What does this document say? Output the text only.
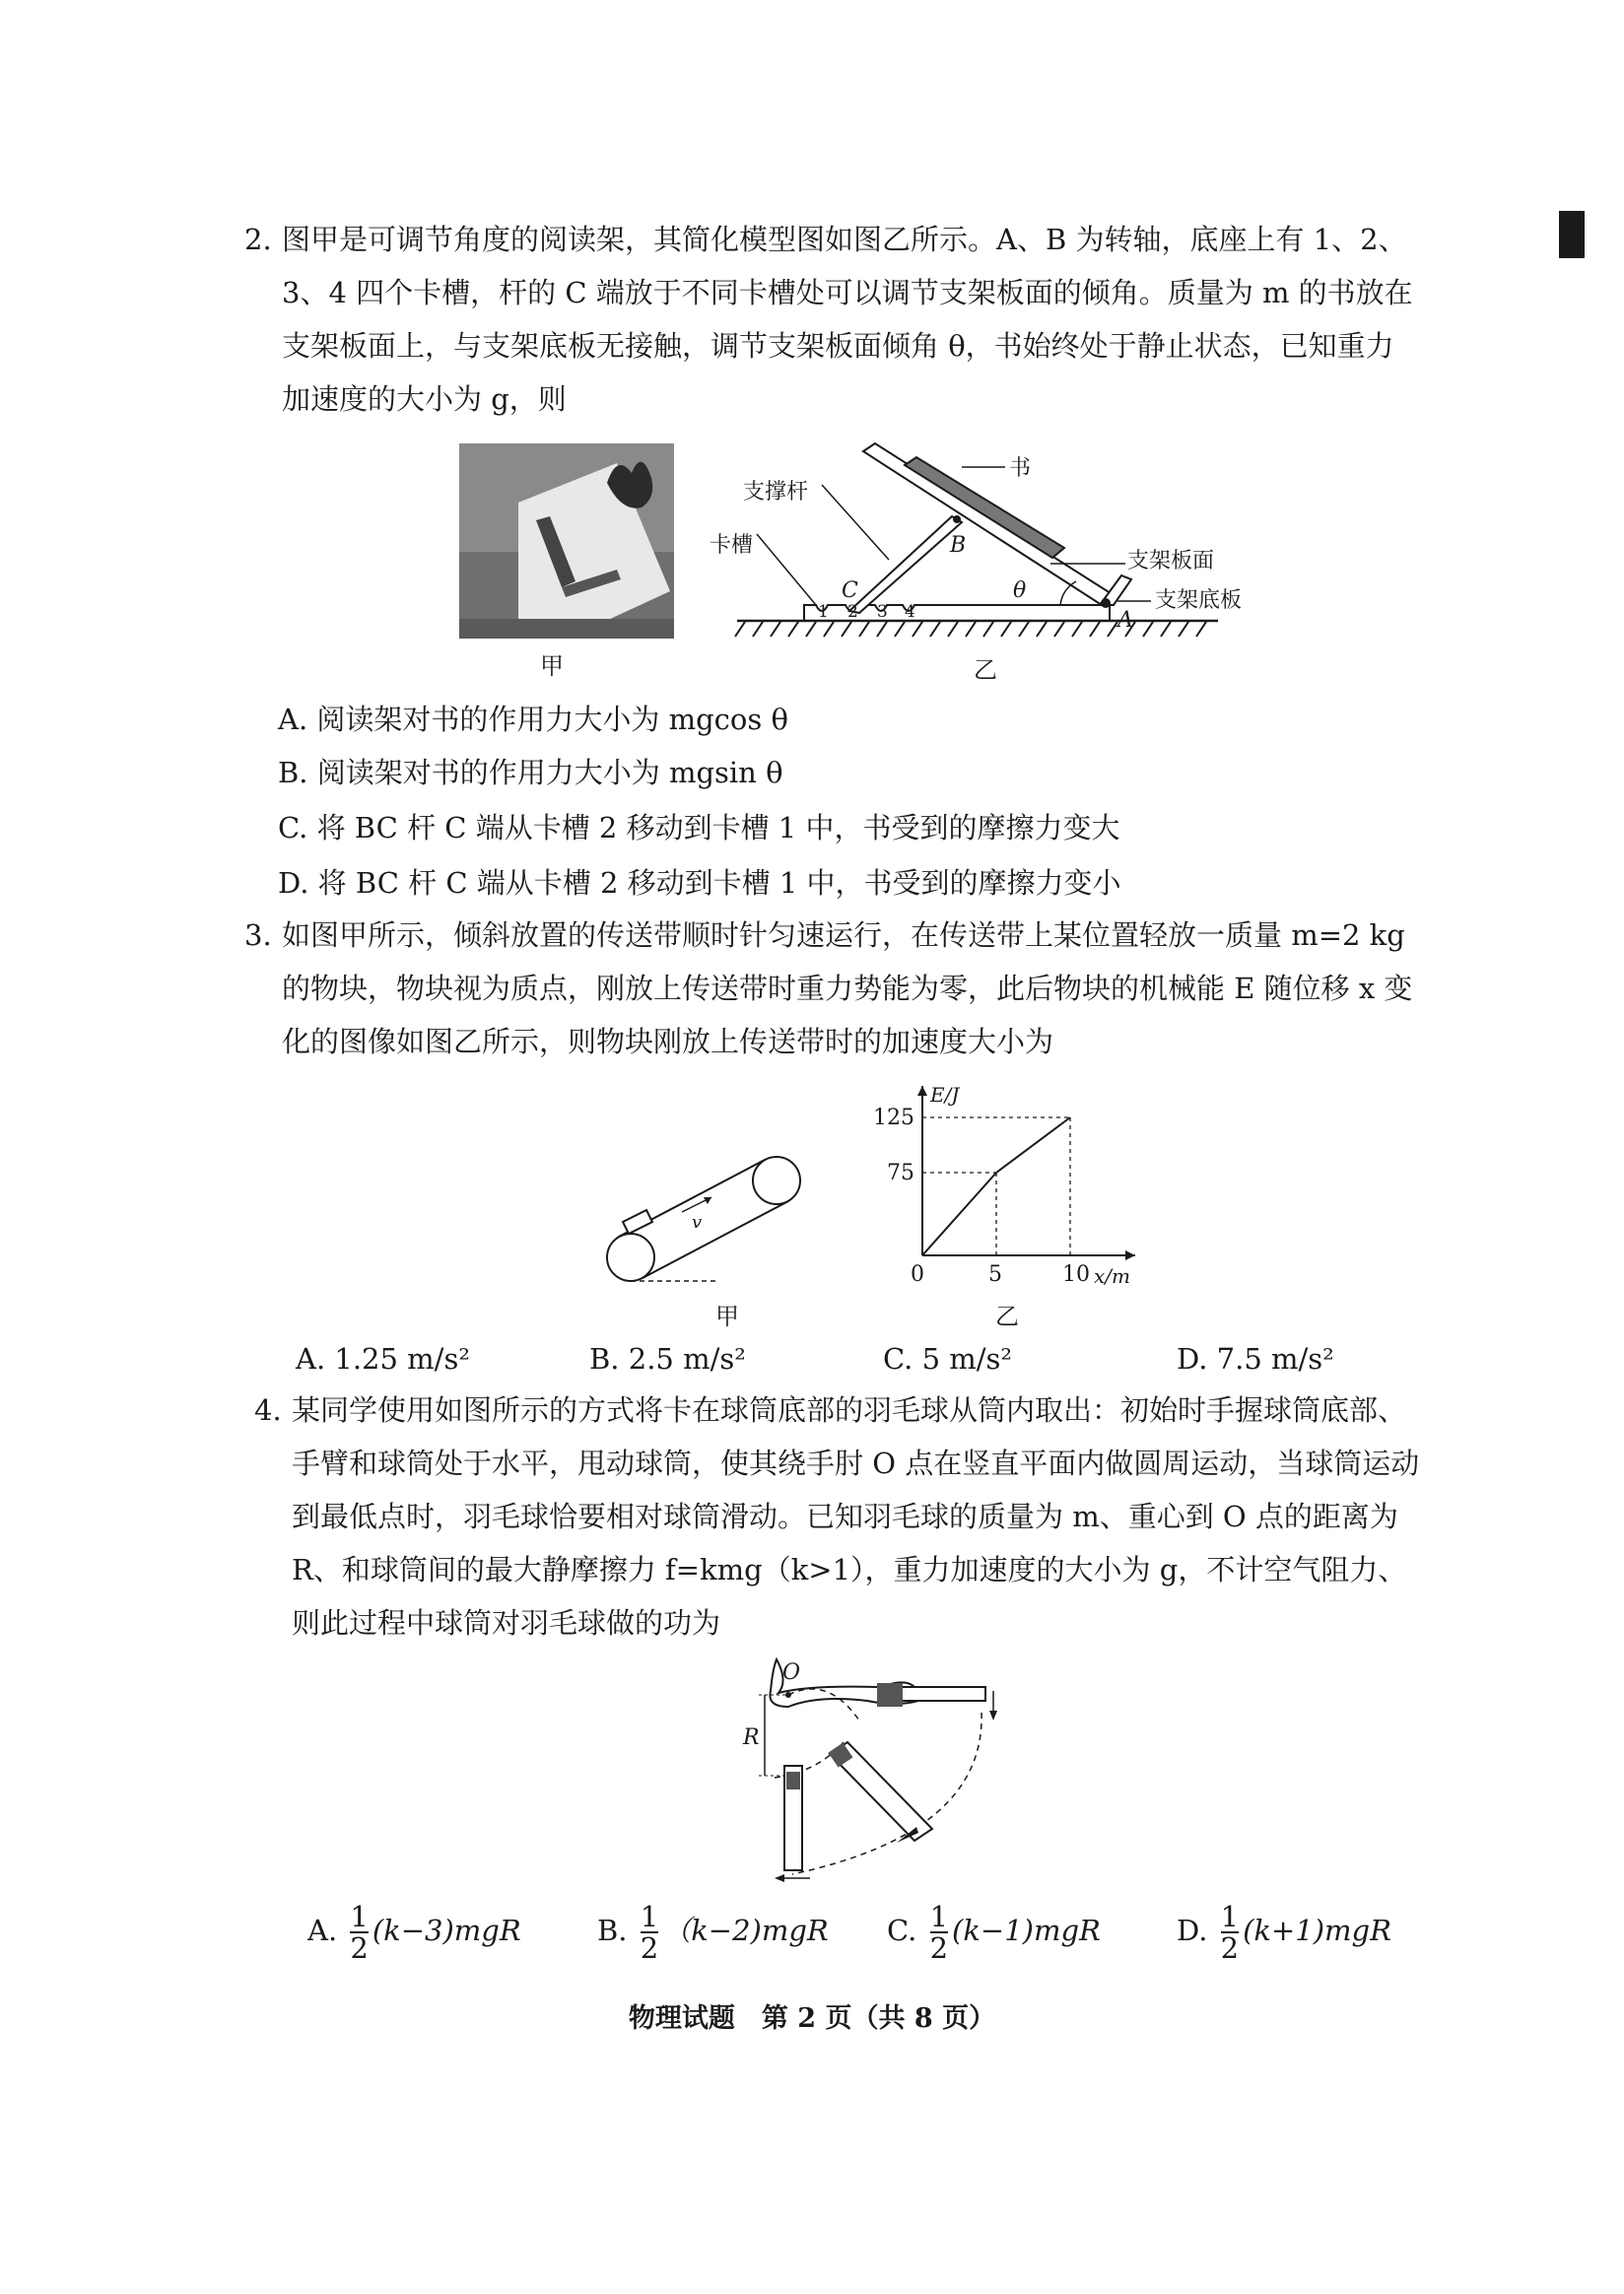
2. 图甲是可调节角度的阅读架，其简化模型图如图乙所示。A、B 为转轴，底座上有 1、2、
3、4 四个卡槽，杆的 C 端放于不同卡槽处可以调节支架板面的倾角。质量为 m 的书放在
支架板面上，与支架底板无接触，调节支架板面倾角 θ，书始终处于静止状态，已知重力
加速度的大小为 g，则
甲
书
支撑杆
卡槽
支架板面
支架底板
B
C
A
θ
1 2 3 4
乙
A. 阅读架对书的作用力大小为 mgcos θ
B. 阅读架对书的作用力大小为 mgsin θ
C. 将 BC 杆 C 端从卡槽 2 移动到卡槽 1 中，书受到的摩擦力变大
D. 将 BC 杆 C 端从卡槽 2 移动到卡槽 1 中，书受到的摩擦力变小
3. 如图甲所示，倾斜放置的传送带顺时针匀速运行，在传送带上某位置轻放一质量 m=2 kg
的物块，物块视为质点，刚放上传送带时重力势能为零，此后物块的机械能 E 随位移 x 变
化的图像如图乙所示，则物块刚放上传送带时的加速度大小为
v
甲
0	5	10
75
125
E/J
x/m
乙
A. 1.25 m/s²	B. 2.5 m/s²	C. 5 m/s²	D. 7.5 m/s²
4. 某同学使用如图所示的方式将卡在球筒底部的羽毛球从筒内取出：初始时手握球筒底部、
手臂和球筒处于水平，甩动球筒，使其绕手肘 O 点在竖直平面内做圆周运动，当球筒运动
到最低点时，羽毛球恰要相对球筒滑动。已知羽毛球的质量为 m、重心到 O 点的距离为
R、和球筒间的最大静摩擦力 f=kmg（k>1），重力加速度的大小为 g，不计空气阻力、
则此过程中球筒对羽毛球做的功为
O
R
A. $\frac{1}{2} (k-3)mgR$	B. $\frac{1}{2} (k-2)mgR$ C. $\frac{1}{2} (k-1)mgR$	D. $\frac{1}{2} (k+1)mgR$
物理试题　第 2 页（共 8 页）
